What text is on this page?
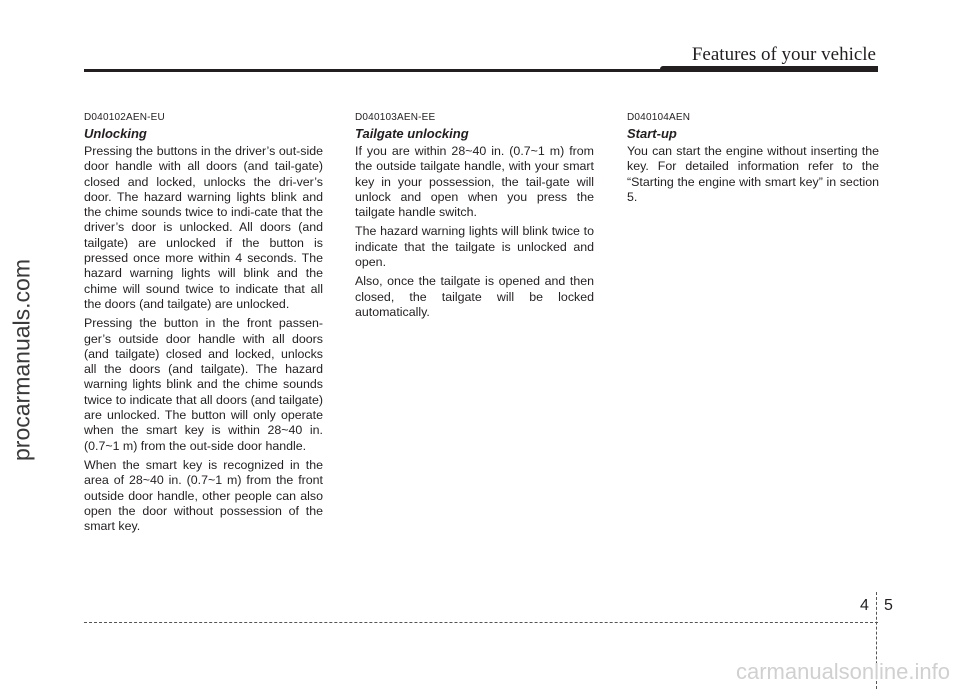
procarmanuals.com
Features of your vehicle

D040102AEN-EU

Unlocking

Pressing the buttons in the driver’s out-side door handle with all doors (and tail-gate) closed and locked, unlocks the dri-ver’s door. The hazard warning lights blink and the chime sounds twice to indi-cate that the driver’s door is unlocked. All doors (and tailgate) are unlocked if the button is pressed once more within 4 seconds. The hazard warning lights will blink and the chime will sound twice to indicate that all the doors (and tailgate) are unlocked.

Pressing the button in the front passen-ger’s outside door handle with all doors (and tailgate) closed and locked, unlocks all the doors (and tailgate). The hazard warning lights blink and the chime sounds twice to indicate that all doors (and tailgate) are unlocked. The button will only operate when the smart key is within 28~40 in. (0.7~1 m) from the out-side door handle.

When the smart key is recognized in the area of 28~40 in. (0.7~1 m) from the front outside door handle, other people can also open the door without possession of the smart key.

D040103AEN-EE

Tailgate unlocking

If you are within 28~40 in. (0.7~1 m) from the outside tailgate handle, with your smart key in your possession, the tail-gate will unlock and open when you press the tailgate handle switch.

The hazard warning lights will blink twice to indicate that the tailgate is unlocked and open.

Also, once the tailgate is opened and then closed, the tailgate will be locked automatically.

D040104AEN

Start-up

You can start the engine without inserting the key. For detailed information refer to the “Starting the engine with smart key” in section 5.

4 5
carmanualsonline.info
